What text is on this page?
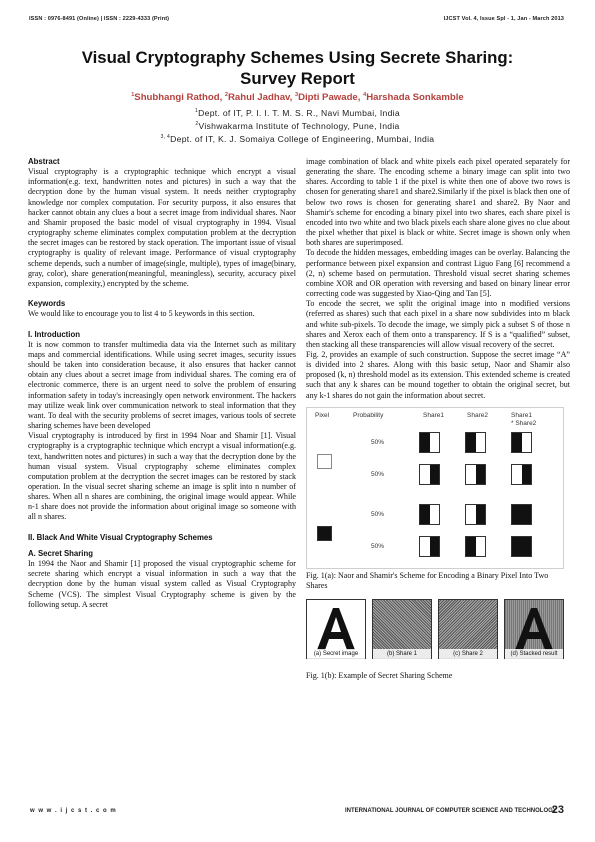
ISSN : 0976-8491 (Online) | ISSN : 2229-4333 (Print)	IJCST Vol. 4, Issue Spl - 1, Jan - March 2013
Visual Cryptography Schemes Using Secrete Sharing:
Survey Report
$^1$Shubhangi Rathod, $^2$Rahul Jadhav, $^3$Dipti Pawade, $^4$Harshada Sonkamble
$^1$Dept. of IT, P. I. I. T. M. S. R., Navi Mumbai, India
$^2$Vishwakarma Institute of Technology, Pune, India
$^{3, 4}$Dept. of IT, K. J. Somaiya College of Engineering, Mumbai, India
Abstract

Visual cryptography is a cryptographic technique which encrypt a visual information(e.g. text, handwritten notes and pictures) in such a way that the decryption done by the human visual system. It needs neither cryptography knowledge nor complex computation. For security purposs, it also ensures that hacker cannot obtain any clues a bout a secret image from individual shares. Naor and Shamir proposed the basic model of visual cryptography in 1994. Visual cryptography scheme eliminates complex computation problem at the decryption the secret images can be restored by stack operation. The important issue of visual cryptography is quality of relevant image. Performance of visual cryptography scheme depends, such a number of image(single, multiple), types of image(binary, gray, color), share generation(meaningful, meaningless), security, accuracy pixel expansion, complexity,) encrypted by the scheme.

Keywords

We would like to encourage you to list 4 to 5 keywords in this section.

I. Introduction

It is now common to transfer multimedia data via the Internet such as military maps and commercial identifications. While using secret images, security issues should be taken into consideration because, it also ensures that hacker cannot obtain any clues about a secret image from individual shares. The coming era of electronic commerce, there is an urgent need to solve the problem of ensuring information safety in today's increasingly open network environment. The hackers may utilize weak link over communication network to steal information that they want. To deal with the security problems of secret images, various tools of secrete sharing schemes have been developed

Visual cryptography is introduced by first in 1994 Noar and Shamir [1]. Visual cryptography is a cryptographic technique which encrypt a visual information(e.g. text, handwritten notes and pictures) in such a way that the decryption done by the human visual system. Visual cryptography scheme eliminates complex computation problem at the decryption the secret images can be restored by stack operation. In the visual secret sharing scheme an image is split into n number of shares. When all n shares are combining, the original image would appear. While n-1 share does not provide the information about original image so someone with all n shares.

II. Black And White Visual Cryptography Schemes
A. Secret Sharing

In 1994 the Naor and Shamir [1] proposed the visual cryptographic scheme for secrete sharing which encrypt a visual information in such a way that the decryption done by the human visual system called as Visual Cryptography Scheme (VCS). The simplest Visual Cryptography scheme is given by the following setup. A secret

image combination of black and white pixels each pixel operated separately for generating the share. The encoding scheme a binary image can split into two shares. According to table 1 if the pixel is white then one of above two rows is chosen for generating share1 and share2.Similarly if the pixel is black then one of below two rows is chosen for generating share1 and share2. By Naor and Shamir's scheme for encoding a binary pixel into two shares, each share pixel is encoded into two white and two black pixels each share alone gives no clue about the pixel whether that pixel is black or white. Secret image is shown only when both shares are superimposed.

To decode the hidden messages, embedding images can be overlay. Balancing the performance between pixel expansion and contrast Liguo Fang [6] recommend a (2, n) scheme based on permutation. Threshold visual secret sharing schemes combine XOR and OR operation with reversing and based on binary linear error correcting code was suggested by Xiao-Qing and Tan [5].

To encode the secret, we split the original image into n modified versions (referred as shares) such that each pixel in a share now subdivides into m black and white sub-pixels. To decode the image, we simply pick a subset S of those n shares and Xerox each of them onto a transparency. If S is a “qualified” subset, then stacking all these transparencies will allow visual recovery of the secret.

Fig. 2, provides an example of such construction. Suppose the secret image “A” is divided into 2 shares. Along with this basic setup, Naor and Shamir also proposed (k, n) threshold model as its extension. This extended scheme is created such that any k shares can be mound together to obtain the original secret, but any k-1 shares do not gain the information about secret.

Pixel	Probability	Share1	Share2	Share1
* Share2
50%
50%
50%
50%
Fig. 1(a): Naor and Shamir's Scheme for Encoding a Binary Pixel Into Two Shares
(a) Secret image	(b) Share 1	(c) Share 2	(d) Stacked result
Fig. 1(b): Example of Secret Sharing Scheme
w w w . i j c s t . c o m	INTERNATIONAL JOURNAL OF COMPUTER SCIENCE AND TECHNOLOGY
23
